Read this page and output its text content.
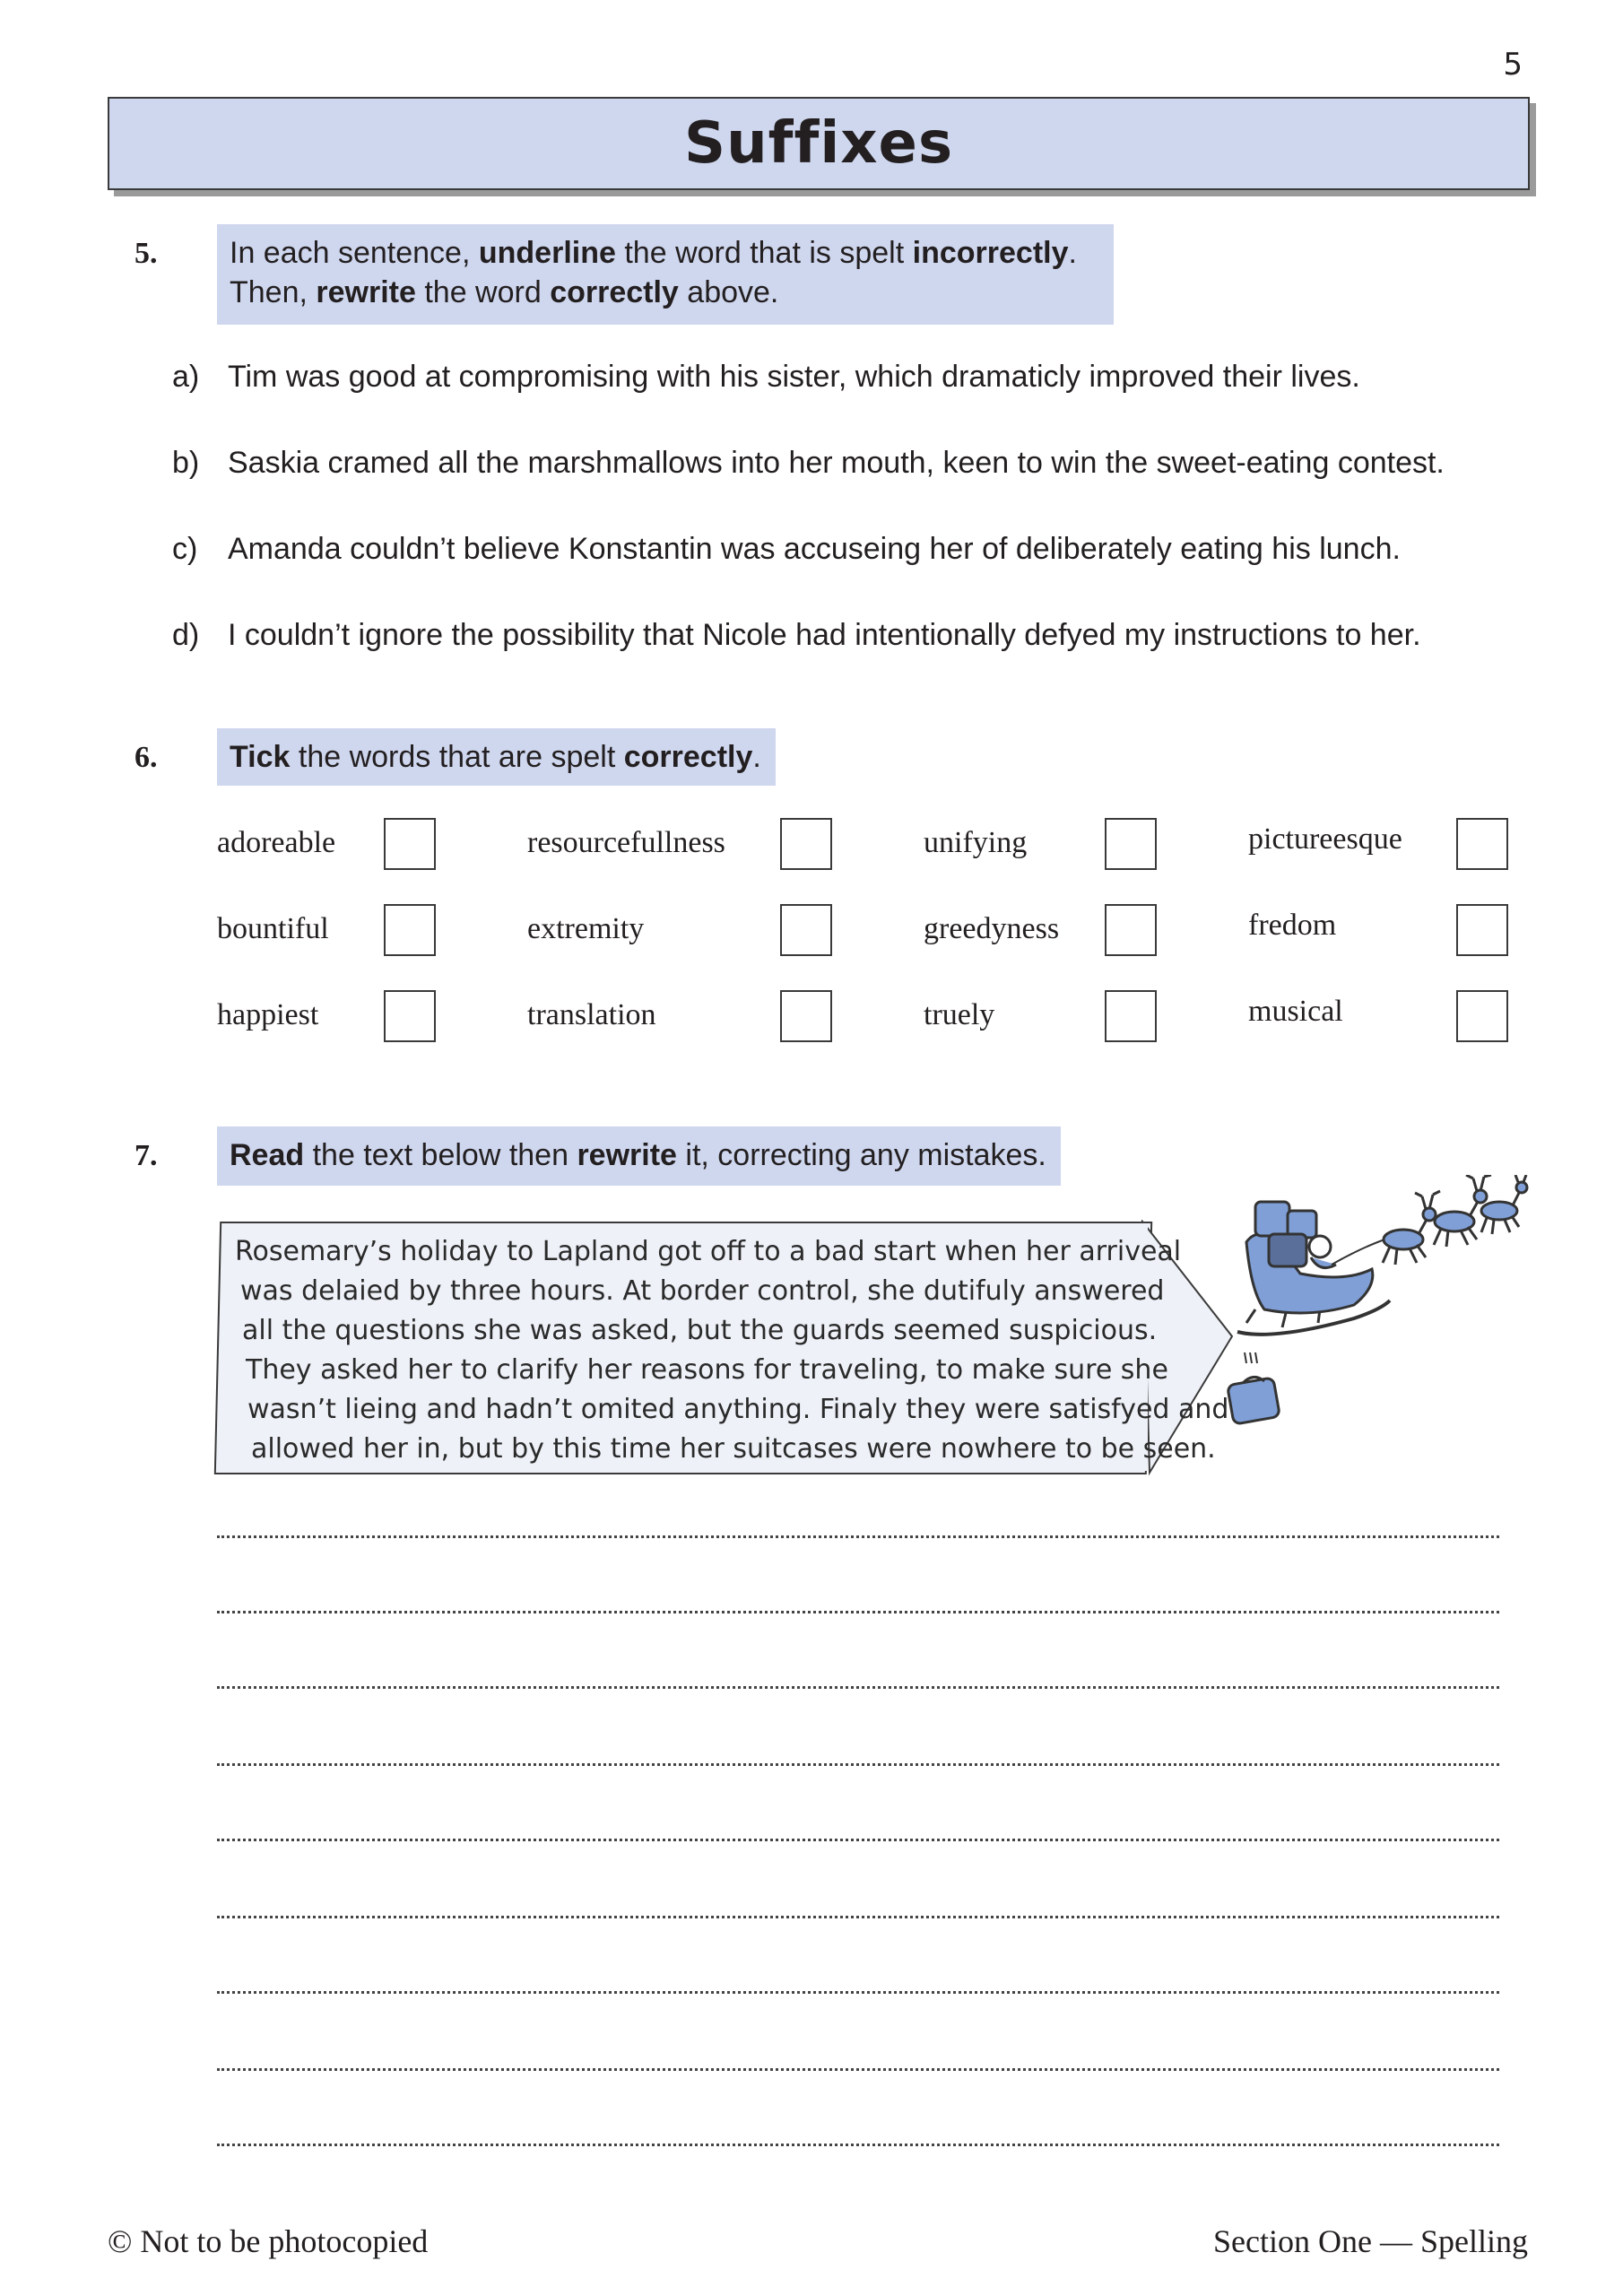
5
Suffixes
5. In each sentence, underline the word that is spelt incorrectly.
Then, rewrite the word correctly above.
a) Tim was good at compromising with his sister, which dramaticly improved their lives.
b) Saskia cramed all the marshmallows into her mouth, keen to win the sweet-eating contest.
c) Amanda couldn’t believe Konstantin was accuseing her of deliberately eating his lunch.
d) I couldn’t ignore the possibility that Nicole had intentionally defyed my instructions to her.
6.	Tick the words that are spelt correctly.
adoreable	resourcefullness	unifying	pictureesque
bountiful	extremity	greedyness	fredom
happiest	translation	truely	musical
7.	Read the text below then rewrite it, correcting any mistakes.
Rosemary’s holiday to Lapland got off to a bad start when her arriveal
was delaied by three hours. At border control, she dutifuly answered
all the questions she was asked, but the guards seemed suspicious.
They asked her to clarify her reasons for traveling, to make sure she
wasn’t lieing and hadn’t omited anything. Finaly they were satisfyed and
allowed her in, but by this time her suitcases were nowhere to be seen.
© Not to be photocopied	Section One — Spelling
